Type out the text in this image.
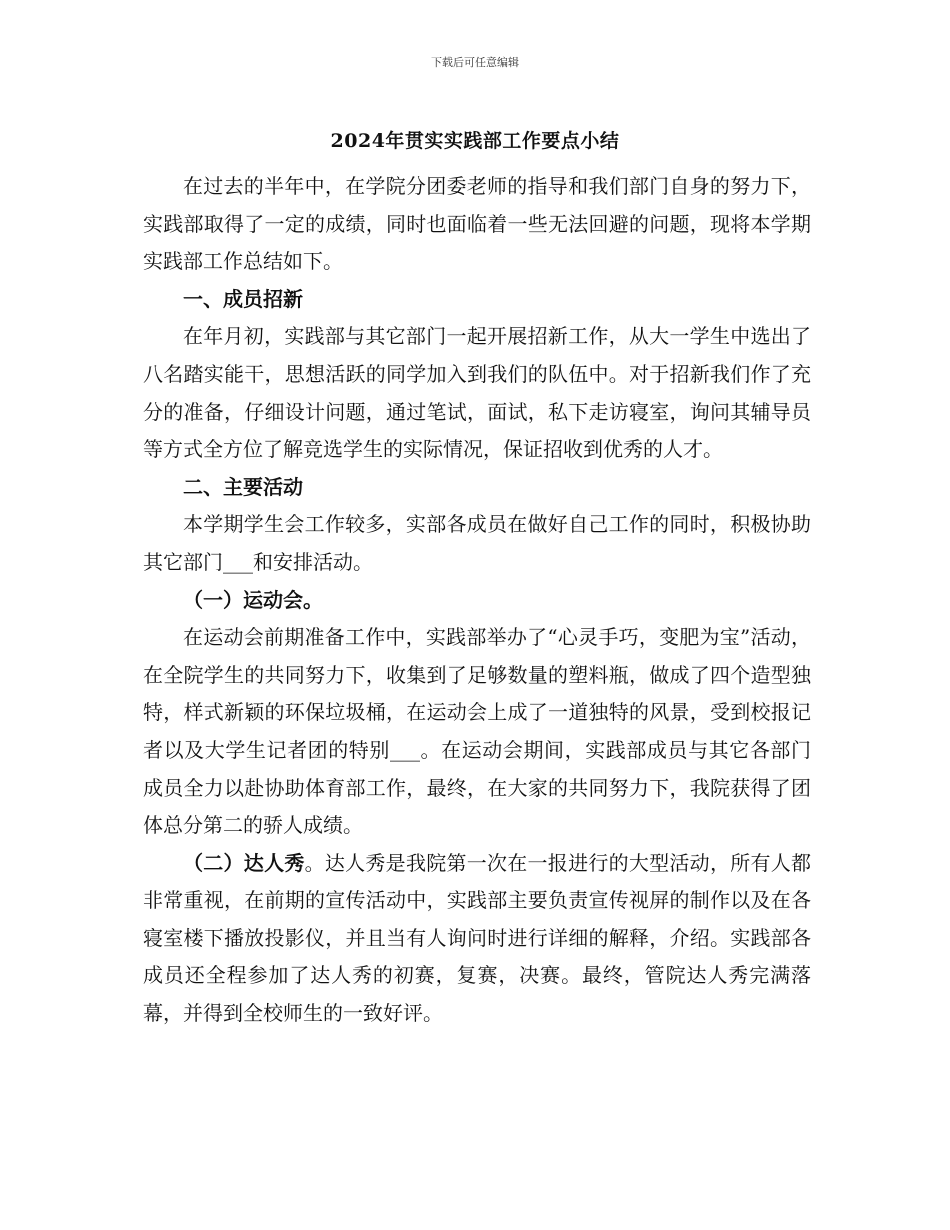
下载后可任意编辑
2024年贯实实践部工作要点小结

在过去的半年中，在学院分团委老师的指导和我们部门自身的努力下，实践部取得了一定的成绩，同时也面临着一些无法回避的问题，现将本学期实践部工作总结如下。

一、成员招新

在年月初，实践部与其它部门一起开展招新工作，从大一学生中选出了八名踏实能干，思想活跃的同学加入到我们的队伍中。对于招新我们作了充分的准备，仔细设计问题，通过笔试，面试，私下走访寝室，询问其辅导员等方式全方位了解竞选学生的实际情况，保证招收到优秀的人才。

二、主要活动

本学期学生会工作较多，实部各成员在做好自己工作的同时，积极协助其它部门___和安排活动。

（一）运动会。

在运动会前期准备工作中，实践部举办了“心灵手巧，变肥为宝”活动，在全院学生的共同努力下，收集到了足够数量的塑料瓶，做成了四个造型独特，样式新颖的环保垃圾桶，在运动会上成了一道独特的风景，受到校报记者以及大学生记者团的特别___。在运动会期间，实践部成员与其它各部门成员全力以赴协助体育部工作，最终，在大家的共同努力下，我院获得了团体总分第二的骄人成绩。

（二）达人秀。达人秀是我院第一次在一报进行的大型活动，所有人都非常重视，在前期的宣传活动中，实践部主要负责宣传视屏的制作以及在各寝室楼下播放投影仪，并且当有人询问时进行详细的解释，介绍。实践部各成员还全程参加了达人秀的初赛，复赛，决赛。最终，管院达人秀完满落幕，并得到全校师生的一致好评。
